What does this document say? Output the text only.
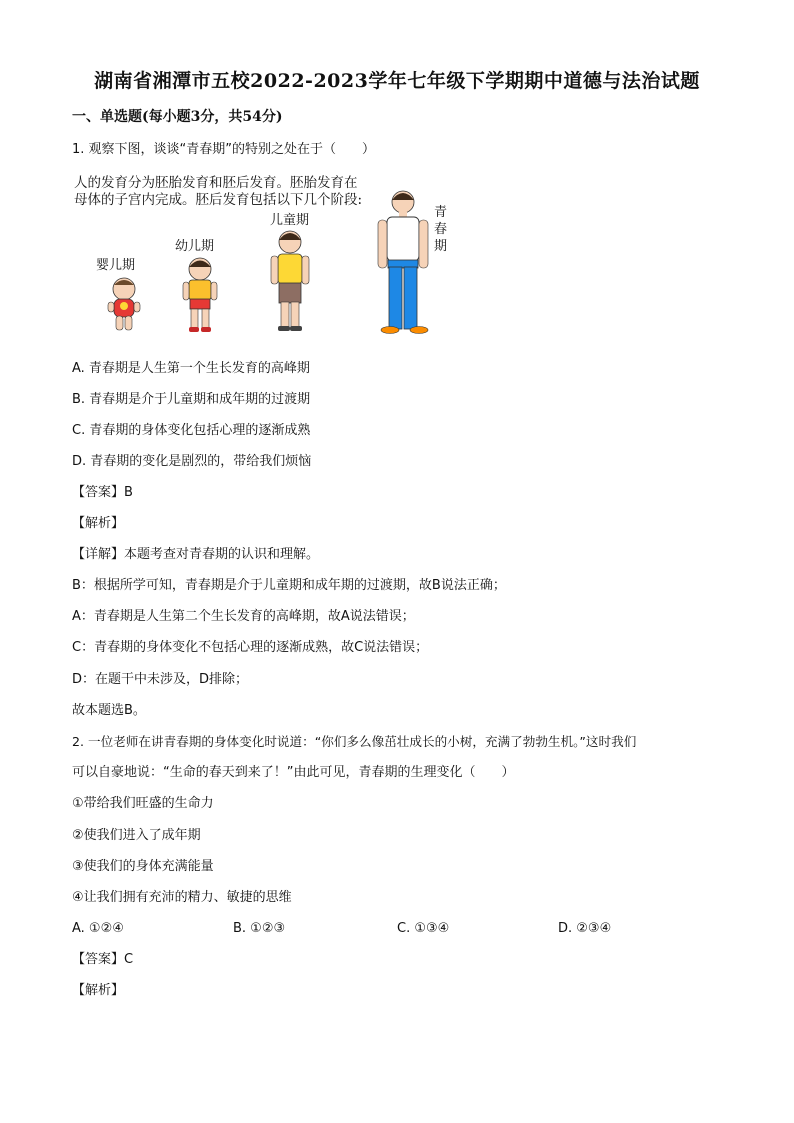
湖南省湘潭市五校2022-2023学年七年级下学期期中道德与法治试题
一、单选题(每小题3分，共54分)
1. 观察下图，谈谈“青春期”的特别之处在于（　　）
人的发育分为胚胎发育和胚后发育。胚胎发育在
母体的子宫内完成。胚后发育包括以下几个阶段:
婴儿期
幼儿期
儿童期
青春期
A. 青春期是人生第一个生长发育的高峰期
B. 青春期是介于儿童期和成年期的过渡期
C. 青春期的身体变化包括心理的逐渐成熟
D. 青春期的变化是剧烈的，带给我们烦恼
【答案】B
【解析】
【详解】本题考查对青春期的认识和理解。
B：根据所学可知，青春期是介于儿童期和成年期的过渡期，故B说法正确；
A：青春期是人生第二个生长发育的高峰期，故A说法错误；
C：青春期的身体变化不包括心理的逐渐成熟，故C说法错误；
D：在题干中未涉及，D排除；
故本题选B。
2. 一位老师在讲青春期的身体变化时说道：“你们多么像茁壮成长的小树，充满了勃勃生机。”这时我们
可以自豪地说：“生命的春天到来了！”由此可见，青春期的生理变化（　　）
①带给我们旺盛的生命力
②使我们进入了成年期
③使我们的身体充满能量
④让我们拥有充沛的精力、敏捷的思维
A. ①②④	B. ①②③	C. ①③④	D. ②③④
【答案】C
【解析】
